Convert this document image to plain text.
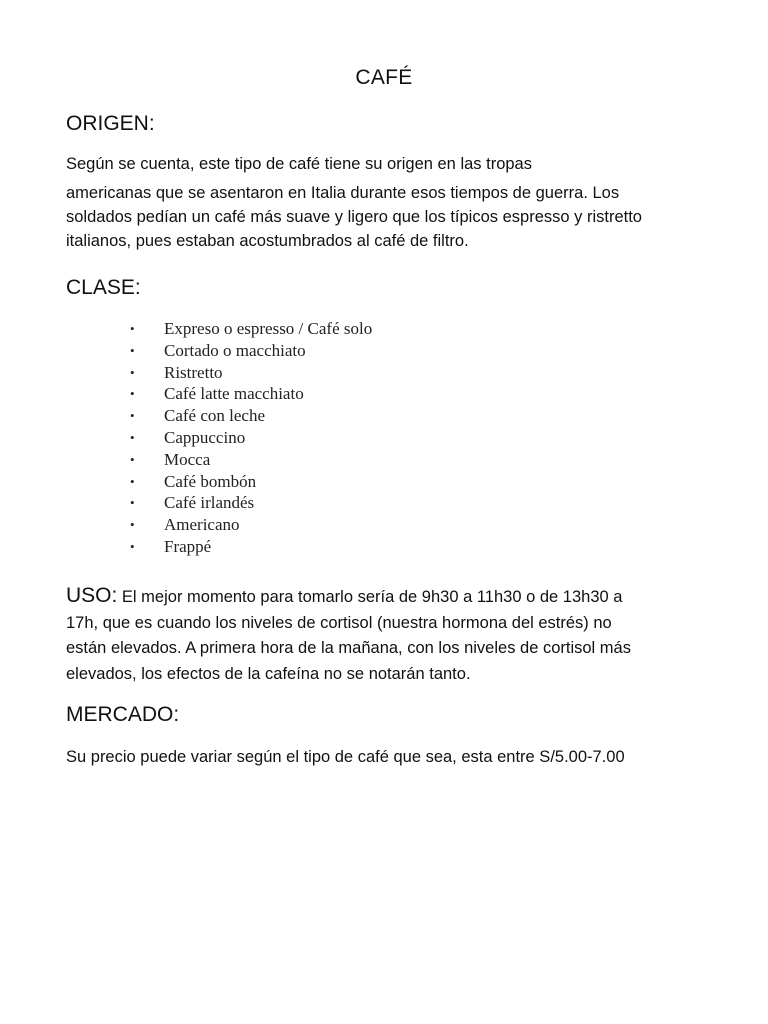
CAFÉ
ORIGEN:
Según se cuenta, este tipo de café tiene su origen en las tropas
americanas que se asentaron en Italia durante esos tiempos de guerra. Los
soldados pedían un café más suave y ligero que los típicos espresso y ristretto
italianos, pues estaban acostumbrados al café de filtro.
CLASE:
• Expreso o espresso / Café solo
• Cortado o macchiato
• Ristretto
• Café latte macchiato
• Café con leche
• Cappuccino
• Mocca
• Café bombón
• Café irlandés
• Americano
• Frappé
USO: El mejor momento para tomarlo sería de 9h30 a 11h30 o de 13h30 a
17h, que es cuando los niveles de cortisol (nuestra hormona del estrés) no
están elevados. A primera hora de la mañana, con los niveles de cortisol más
elevados, los efectos de la cafeína no se notarán tanto.
MERCADO:
Su precio puede variar según el tipo de café que sea, esta entre S/5.00-7.00
